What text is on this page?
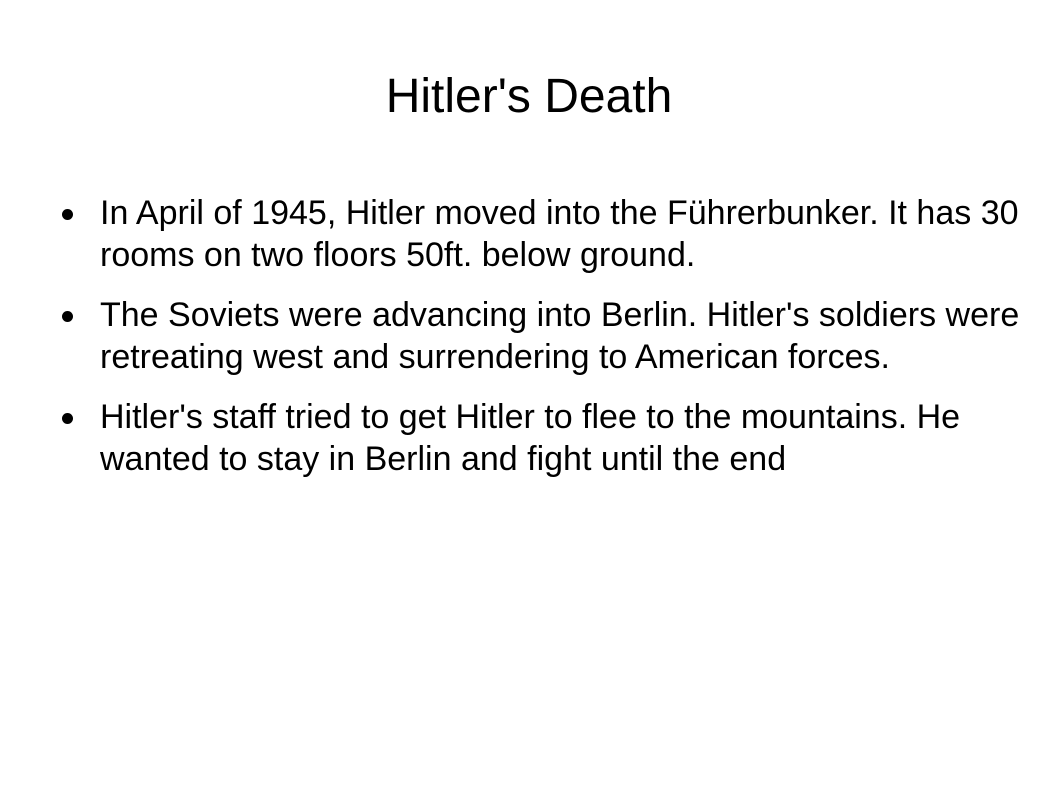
Hitler's Death
In April of 1945, Hitler moved into the Führerbunker. It has 30 rooms on two floors 50ft. below ground.
The Soviets were advancing into Berlin. Hitler's soldiers were retreating west and surrendering to American forces.
Hitler's staff tried to get Hitler to flee to the mountains. He wanted to stay in Berlin and fight until the end
